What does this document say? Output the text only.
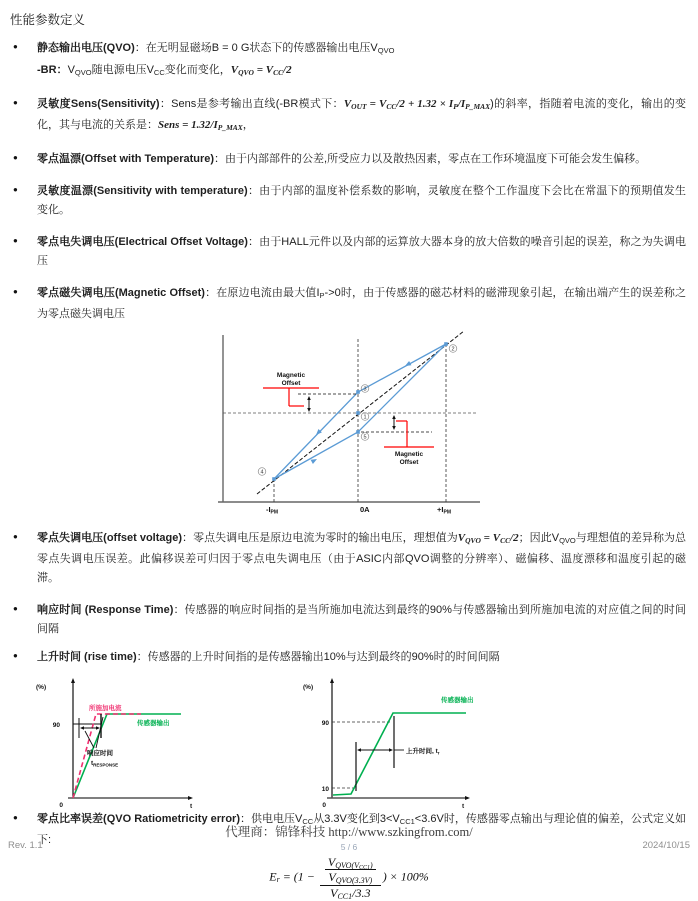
性能参数定义
●	静态输出电压(QVO)：在无明显磁场B = 0 G状态下的传感器输出电压VQVO

-BR：VQVO随电源电压VCC变化而变化，VQVO = VCC/2

●	灵敏度Sens(Sensitivity)：Sens是参考输出直线(-BR模式下：VOUT = VCC/2 + 1.32 × IP/IP_MAX)的斜率，指随着电流的变化，输出的变化，其与电流的关系是：Sens = 1.32/IP_MAX，

●	零点温漂(Offset with Temperature)：由于内部部件的公差,所受应力以及散热因素，零点在工作环境温度下可能会发生偏移。

●	灵敏度温漂(Sensitivity with temperature)：由于内部的温度补偿系数的影响，灵敏度在整个工作温度下会比在常温下的预期值发生变化。

●	零点电失调电压(Electrical Offset Voltage)：由于HALL元件以及内部的运算放大器本身的放大倍数的噪音引起的误差，称之为失调电压

●	零点磁失调电压(Magnetic Offset)：在原边电流由最大值IP->0时，由于传感器的磁芯材料的磁滞现象引起，在输出端产生的误差称之为零点磁失调电压

2
3
1
5
4
Magnetic
Offset
Magnetic
Offset
$-I_{PM}$	0A	$+I_{PM}$
●	零点失调电压(offset voltage)：零点失调电压是原边电流为零时的输出电压，理想值为VQVO = VCC/2；因此VQVO与理想值的差异称为总零点失调电压误差。此偏移误差可归因于零点电失调电压（由于ASIC内部QVO调整的分辨率）、磁偏移、温度漂移和温度引起的磁滞。

●	响应时间 (Response Time)：传感器的响应时间指的是当所施加电流达到最终的90%与传感器输出到所施加电流的对应值之间的时间间隔

●	上升时间 (rise time)：传感器的上升时间指的是传感器输出10%与达到最终的90%时的时间间隔

(%)
0
90
t
所施加电流
传感器输出
响应时间
$t_{RESPONSE}$
(%)
0
90
10
t
传感器输出
上升时间, $t_r$
●	零点比率误差(QVO Ratiometricity error)：供电电压VCC从3.3V变化到3<VCC1<3.6V时，传感器零点输出与理论值的偏差，公式定义如下:

$Er = (1 - \frac{\frac{VQVO(V_{CC1})}{\text{VQVO(3.3V)}}}{\text{VCC1/3.3}}$ ) × 100%
Rev. 1.1
代理商：锦锋科技 http://www.szkingfrom.com/
5 / 6	2024/10/15
